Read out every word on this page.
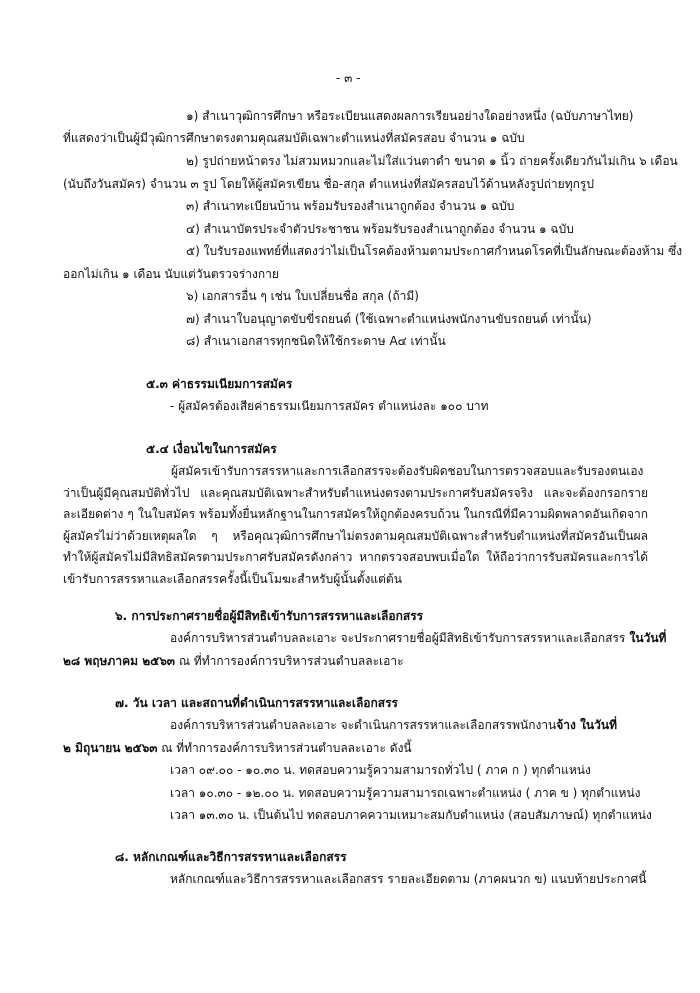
- ๓ -
๑) สำเนาวุฒิการศึกษา หรือระเบียนแสดงผลการเรียนอย่างใดอย่างหนึ่ง (ฉบับภาษาไทย)
ที่แสดงว่าเป็นผู้มีวุฒิการศึกษาตรงตามคุณสมบัติเฉพาะตำแหน่งที่สมัครสอบ จำนวน ๑ ฉบับ
๒) รูปถ่ายหน้าตรง ไม่สวมหมวกและไม่ใส่แว่นตาดำ ขนาด ๑ นิ้ว ถ่ายครั้งเดียวกันไม่เกิน ๖ เดือน
(นับถึงวันสมัคร) จำนวน ๓ รูป โดยให้ผู้สมัครเขียน ชื่อ-สกุล ตำแหน่งที่สมัครสอบไว้ด้านหลังรูปถ่ายทุกรูป
๓) สำเนาทะเบียนบ้าน พร้อมรับรองสำเนาถูกต้อง จำนวน ๑ ฉบับ
๔) สำเนาบัตรประจำตัวประชาชน พร้อมรับรองสำเนาถูกต้อง จำนวน ๑ ฉบับ
๕) ใบรับรองแพทย์ที่แสดงว่าไม่เป็นโรคต้องห้ามตามประกาศกำหนดโรคที่เป็นลักษณะต้องห้าม ซึ่ง
ออกไม่เกิน ๑ เดือน นับแต่วันตรวจร่างกาย
๖) เอกสารอื่น ๆ เช่น ใบเปลี่ยนชื่อ สกุล (ถ้ามี)
๗) สำเนาใบอนุญาตขับขี่รถยนต์ (ใช้เฉพาะตำแหน่งพนักงานขับรถยนต์ เท่านั้น)
๘) สำเนาเอกสารทุกชนิดให้ใช้กระดาษ A๔ เท่านั้น
๕.๓ ค่าธรรมเนียมการสมัคร
- ผู้สมัครต้องเสียค่าธรรมเนียมการสมัคร ตำแหน่งละ ๑๐๐ บาท
๕.๔ เงื่อนไขในการสมัคร
ผู้สมัครเข้ารับการสรรหาและการเลือกสรรจะต้องรับผิดชอบในการตรวจสอบและรับรองตนเองว่าเป็นผู้มีคุณสมบัติทั่วไป และคุณสมบัติเฉพาะสำหรับตำแหน่งตรงตามประกาศรับสมัครจริง และจะต้องกรอกรายละเอียดต่าง ๆ ในใบสมัคร พร้อมทั้งยื่นหลักฐานในการสมัครให้ถูกต้องครบถ้วน ในกรณีที่มีความผิดพลาดอันเกิดจากผู้สมัครไม่ว่าด้วยเหตุผลใด ๆ หรือคุณวุฒิการศึกษาไม่ตรงตามคุณสมบัติเฉพาะสำหรับตำแหน่งที่สมัครอันเป็นผลทำให้ผู้สมัครไม่มีสิทธิสมัครตามประกาศรับสมัครดังกล่าว หากตรวจสอบพบเมื่อใด ให้ถือว่าการรับสมัครและการได้เข้ารับการสรรหาและเลือกสรรครั้งนี้เป็นโมฆะสำหรับผู้นั้นตั้งแต่ต้น
๖. การประกาศรายชื่อผู้มีสิทธิเข้ารับการสรรหาและเลือกสรร
องค์การบริหารส่วนตำบลละเอาะ จะประกาศรายชื่อผู้มีสิทธิเข้ารับการสรรหาและเลือกสรร ในวันที่
๒๘ พฤษภาคม ๒๕๖๓ ณ ที่ทำการองค์การบริหารส่วนตำบลละเอาะ
๗. วัน เวลา และสถานที่ดำเนินการสรรหาและเลือกสรร
องค์การบริหารส่วนตำบลละเอาะ จะดำเนินการสรรหาและเลือกสรรพนักงานจ้าง ในวันที่
๒ มิถุนายน ๒๕๖๓ ณ ที่ทำการองค์การบริหารส่วนตำบลละเอาะ ดังนี้
เวลา ๐๙.๐๐ - ๑๐.๓๐ น. ทดสอบความรู้ความสามารถทั่วไป ( ภาค ก ) ทุกตำแหน่ง
เวลา ๑๐.๓๐ - ๑๒.๐๐ น. ทดสอบความรู้ความสามารถเฉพาะตำแหน่ง ( ภาค ข ) ทุกตำแหน่ง
เวลา ๑๓.๓๐ น. เป็นต้นไป ทดสอบภาคความเหมาะสมกับตำแหน่ง (สอบสัมภาษณ์) ทุกตำแหน่ง
๘. หลักเกณฑ์และวิธีการสรรหาและเลือกสรร
หลักเกณฑ์และวิธีการสรรหาและเลือกสรร รายละเอียดตาม (ภาคผนวก ข) แนบท้ายประกาศนี้
